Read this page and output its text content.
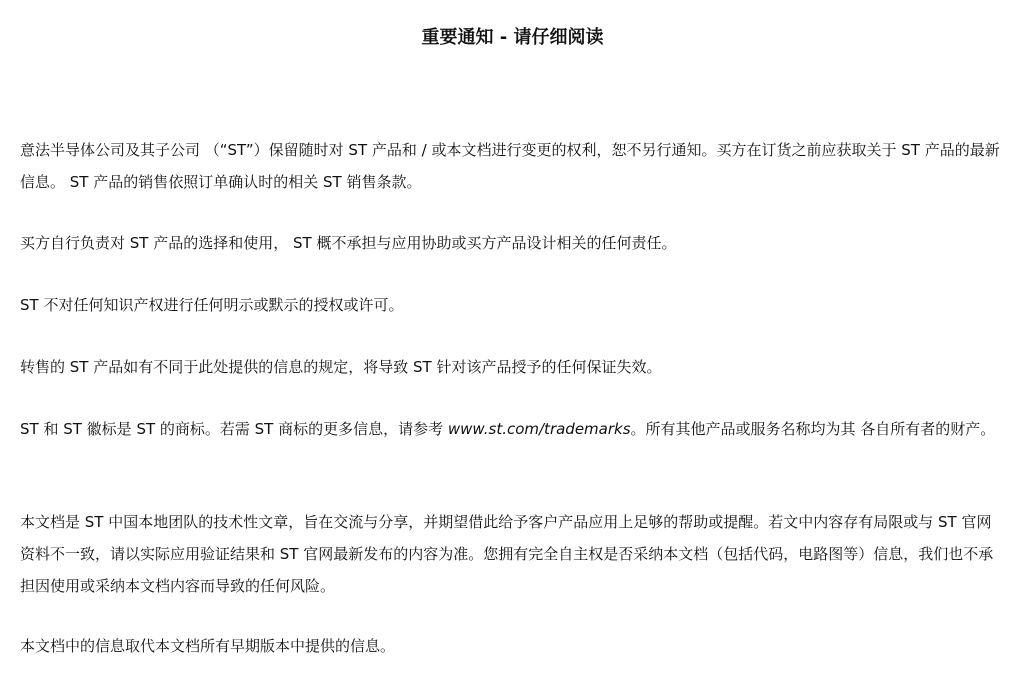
重要通知 - 请仔细阅读

意法半导体公司及其子公司 （“ST”）保留随时对 ST 产品和 / 或本文档进行变更的权利，恕不另行通知。买方在订货之前应获取关于 ST 产品的最新信息。 ST 产品的销售依照订单确认时的相关 ST 销售条款。

买方自行负责对 ST 产品的选择和使用， ST 概不承担与应用协助或买方产品设计相关的任何责任。

ST 不对任何知识产权进行任何明示或默示的授权或许可。

转售的 ST 产品如有不同于此处提供的信息的规定，将导致 ST 针对该产品授予的任何保证失效。

ST 和 ST 徽标是 ST 的商标。若需 ST 商标的更多信息，请参考 www.st.com/trademarks。所有其他产品或服务名称均为其 各自所有者的财产。

本文档是 ST 中国本地团队的技术性文章，旨在交流与分享，并期望借此给予客户产品应用上足够的帮助或提醒。若文中内容存有局限或与 ST 官网资料不一致，请以实际应用验证结果和 ST 官网最新发布的内容为准。您拥有完全自主权是否采纳本文档（包括代码，电路图等）信息，我们也不承担因使用或采纳本文档内容而导致的任何风险。

本文档中的信息取代本文档所有早期版本中提供的信息。
